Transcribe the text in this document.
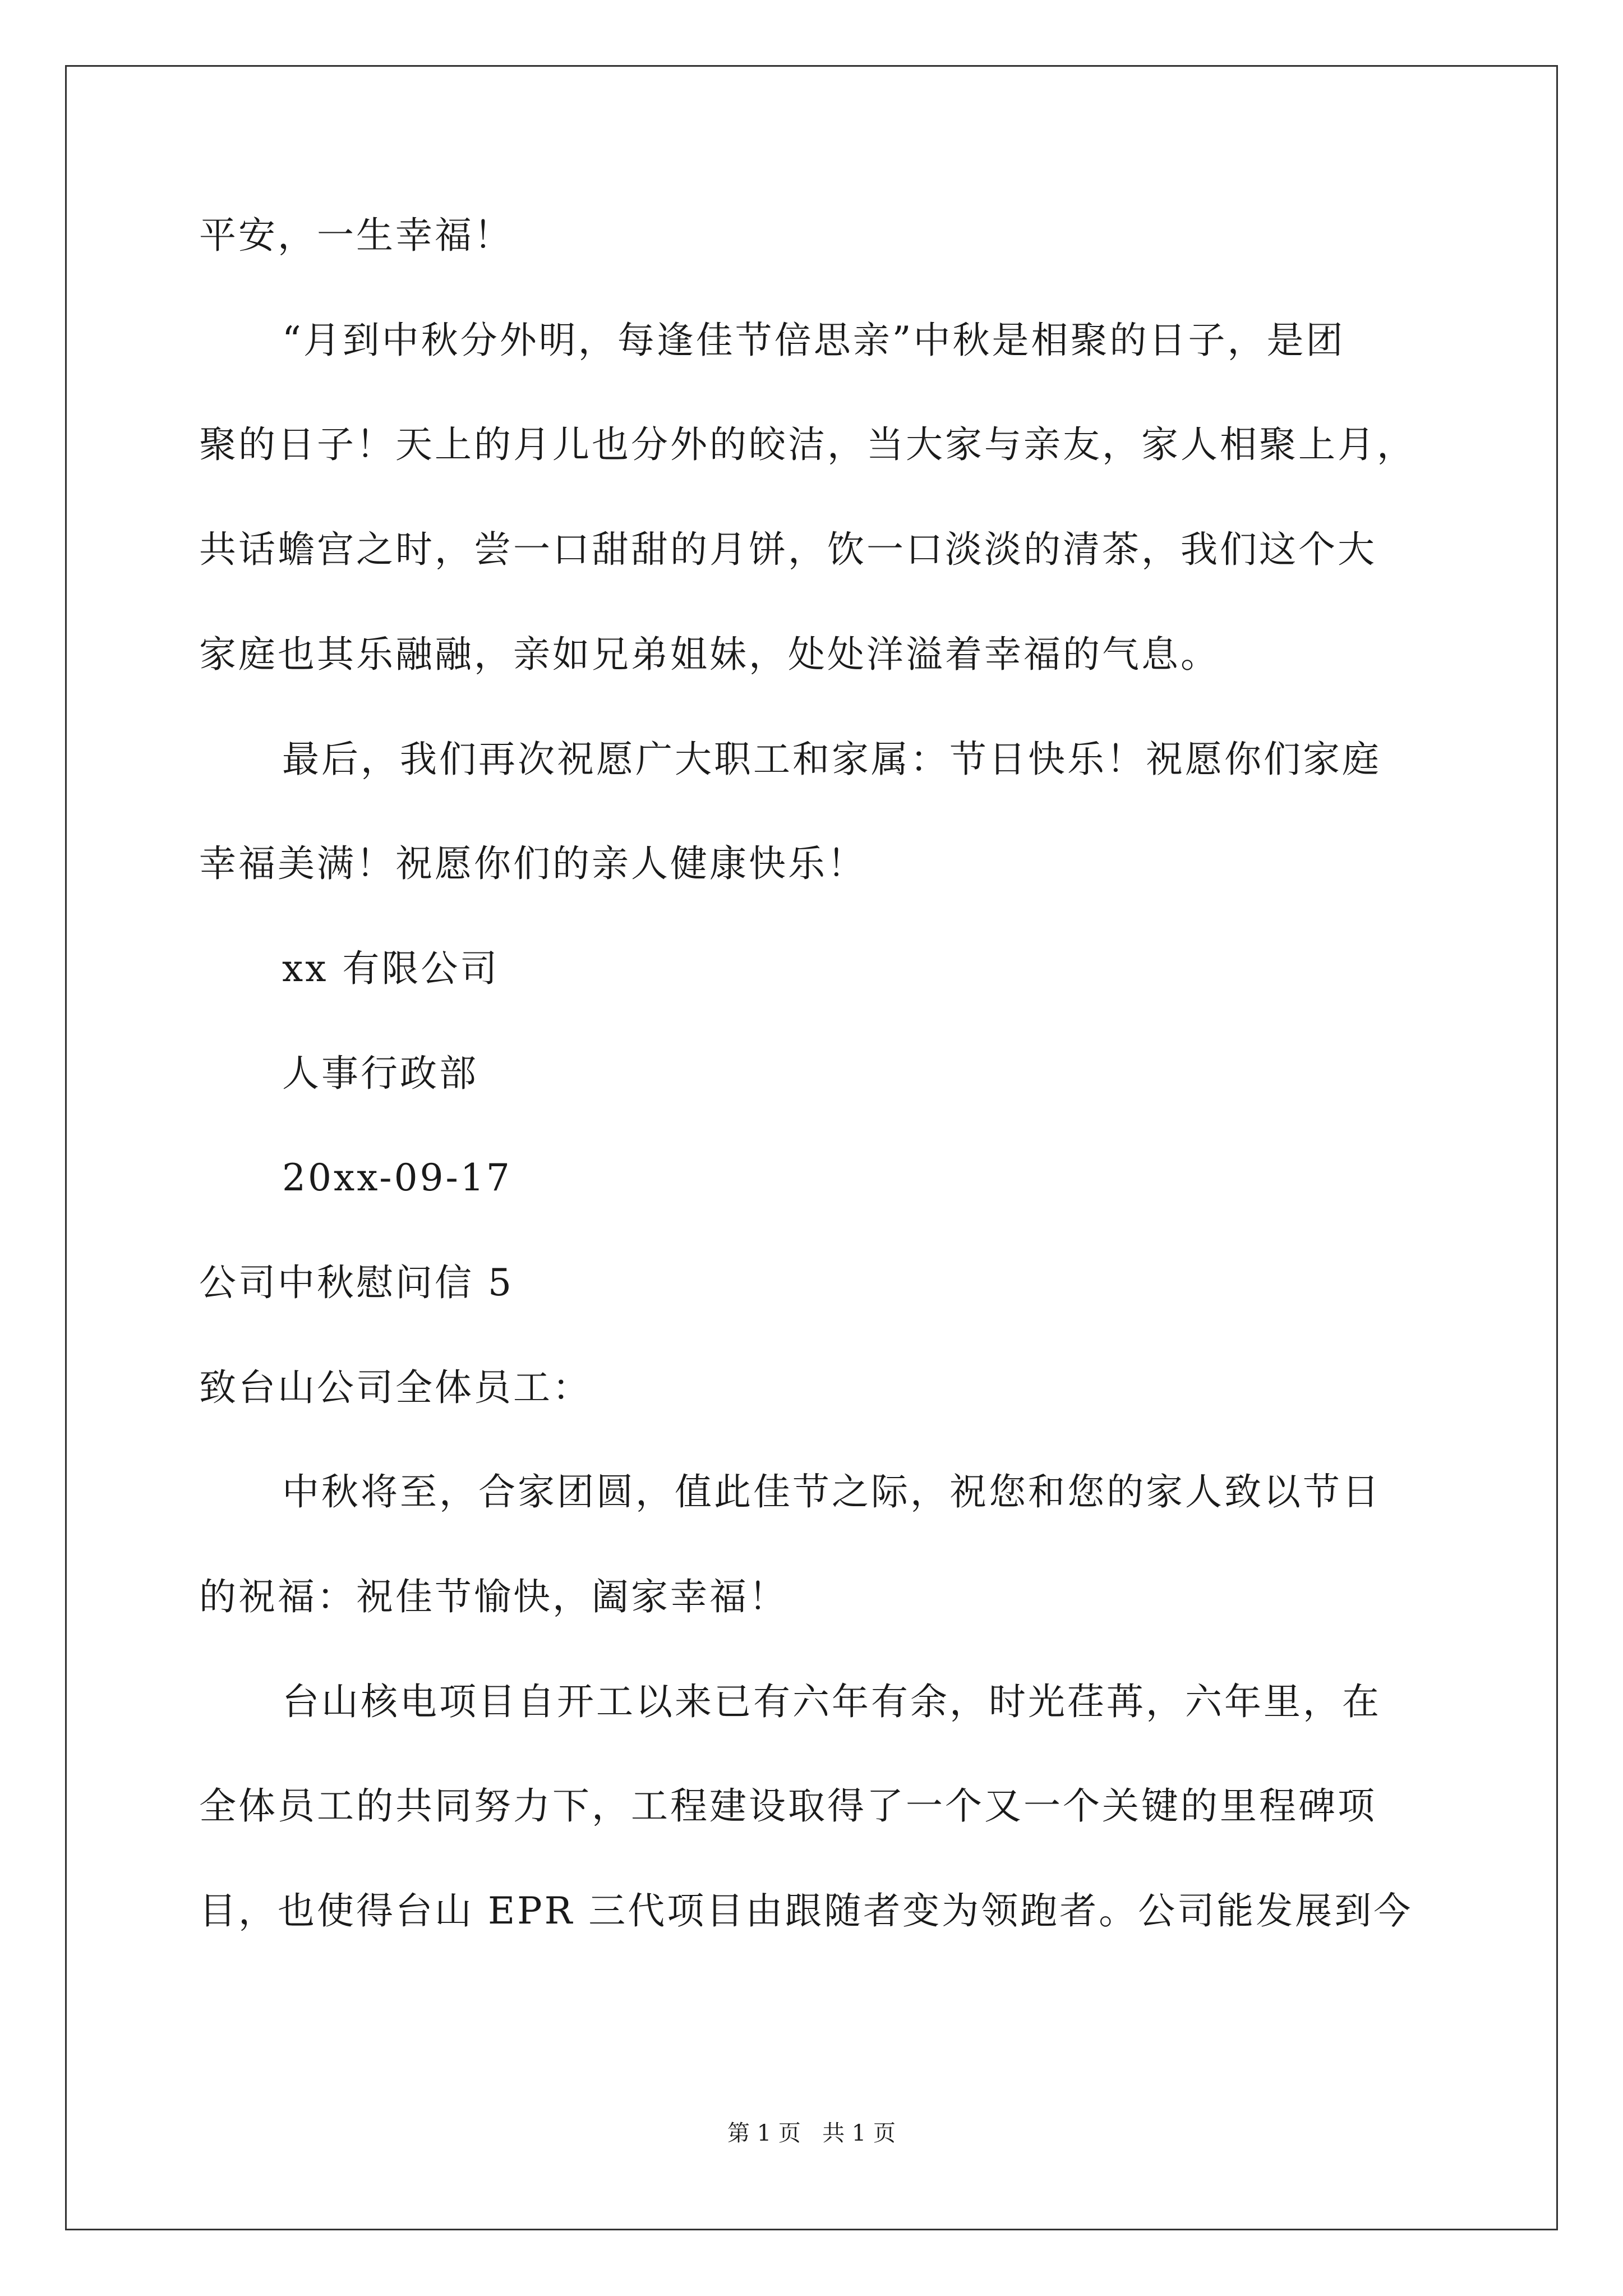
平安，一生幸福！
“月到中秋分外明，每逢佳节倍思亲”中秋是相聚的日子，是团
聚的日子！天上的月儿也分外的皎洁，当大家与亲友，家人相聚上月，
共话蟾宫之时，尝一口甜甜的月饼，饮一口淡淡的清茶，我们这个大
家庭也其乐融融，亲如兄弟姐妹，处处洋溢着幸福的气息。
最后，我们再次祝愿广大职工和家属：节日快乐！祝愿你们家庭
幸福美满！祝愿你们的亲人健康快乐！
xx 有限公司
人事行政部
20xx-09-17
公司中秋慰问信 5
致台山公司全体员工：
中秋将至，合家团圆，值此佳节之际，祝您和您的家人致以节日
的祝福：祝佳节愉快，阖家幸福！
台山核电项目自开工以来已有六年有余，时光荏苒，六年里，在
全体员工的共同努力下，工程建设取得了一个又一个关键的里程碑项
目，也使得台山 EPR 三代项目由跟随者变为领跑者。公司能发展到今
第 1 页   共 1 页
